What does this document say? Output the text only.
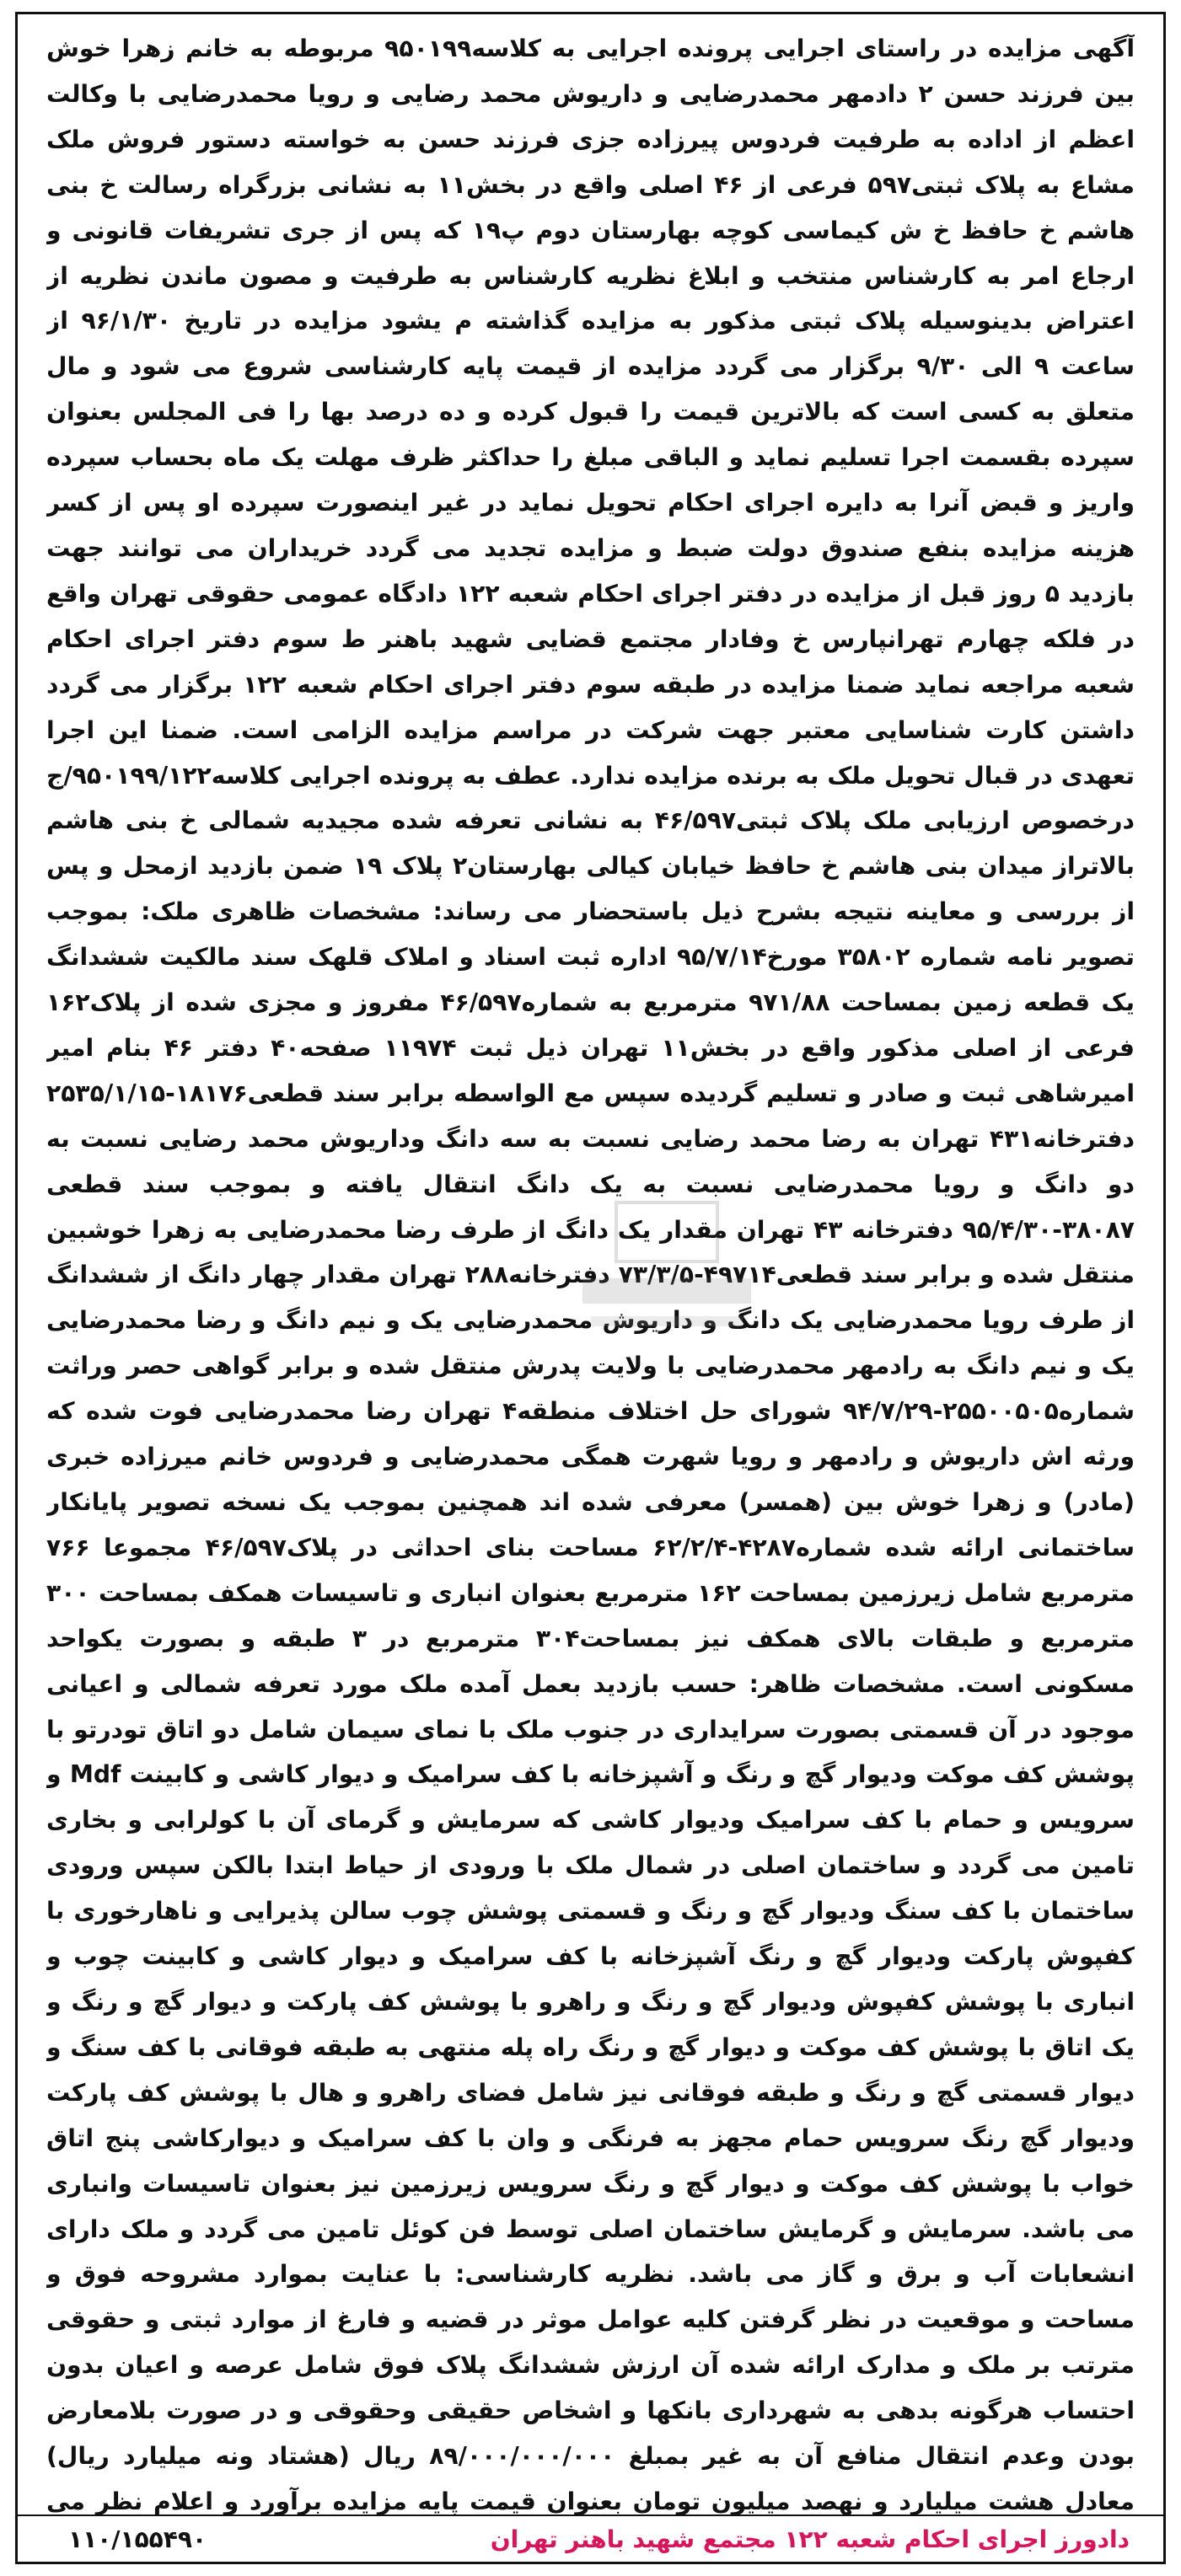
آگهی مزایده در راستای اجرایی پرونده اجرایی به کلاسه۹۵۰۱۹۹ مربوطه به خانم زهرا خوش بین فرزند حسن ۲ دادمهر محمدرضایی و داریوش محمد رضایی و رویا محمدرضایی با وکالت اعظم از اداده به طرفیت فردوس پیرزاده جزی فرزند حسن به خواسته دستور فروش ملک مشاع به پلاک ثبتی۵۹۷ فرعی از ۴۶ اصلی واقع در بخش۱۱ به نشانی بزرگراه رسالت خ بنی هاشم خ حافظ خ ش کیماسی کوچه بهارستان دوم پ۱۹ که پس از جری تشریفات قانونی و ارجاع امر به کارشناس منتخب و ابلاغ نظریه کارشناس به طرفیت و مصون ماندن نظریه از اعتراض بدینوسیله پلاک ثبتی مذکور به مزایده گذاشته م یشود مزایده در تاریخ ۹۶/۱/۳۰ از ساعت ۹ الی ۹/۳۰ برگزار می گردد مزایده از قیمت پایه کارشناسی شروع می شود و مال متعلق به کسی است که بالاترین قیمت را قبول کرده و ده درصد بها را فی المجلس بعنوان سپرده بقسمت اجرا تسلیم نماید و الباقی مبلغ را حداکثر ظرف مهلت یک ماه بحساب سپرده واریز و قبض آنرا به دایره اجرای احکام تحویل نماید در غیر اینصورت سپرده او پس از کسر هزینه مزایده بنفع صندوق دولت ضبط و مزایده تجدید می گردد خریداران می توانند جهت بازدید ۵ روز قبل از مزایده در دفتر اجرای احکام شعبه ۱۲۲ دادگاه عمومی حقوقی تهران واقع در فلکه چهارم تهرانپارس خ وفادار مجتمع قضایی شهید باهنر ط سوم دفتر اجرای احکام شعبه مراجعه نماید ضمنا مزایده در طبقه سوم دفتر اجرای احکام شعبه ۱۲۲ برگزار می گردد داشتن کارت شناسایی معتبر جهت شرکت در مراسم مزایده الزامی است. ضمنا این اجرا تعهدی در قبال تحویل ملک به برنده مزایده ندارد. عطف به پرونده اجرایی کلاسه۹۵۰۱۹۹/۱۲۲/ج درخصوص ارزیابی ملک پلاک ثبتی۴۶/۵۹۷ به نشانی تعرفه شده مجیدیه شمالی خ بنی هاشم بالاتراز میدان بنی هاشم خ حافظ خیابان کیالی بهارستان۲ پلاک ۱۹ ضمن بازدید ازمحل و پس از بررسی و معاینه نتیجه بشرح ذیل باستحضار می رساند: مشخصات ظاهری ملک: بموجب تصویر نامه شماره ۳۵۸۰۲ مورخ۹۵/۷/۱۴ اداره ثبت اسناد و املاک قلهک سند مالکیت ششدانگ یک قطعه زمین بمساحت ۹۷۱/۸۸ مترمربع به شماره۴۶/۵۹۷ مفروز و مجزی شده از پلاک۱۶۲ فرعی از اصلی مذکور واقع در بخش۱۱ تهران ذیل ثبت ۱۱۹۷۴ صفحه۴۰ دفتر ۴۶ بنام امیر امیرشاهی ثبت و صادر و تسلیم گردیده سپس مع الواسطه برابر سند قطعی۱۸۱۷۶-۲۵۳۵/۱/۱۵ دفترخانه۴۳۱ تهران به رضا محمد رضایی نسبت به سه دانگ وداریوش محمد رضایی نسبت به دو دانگ و رویا محمدرضایی نسبت به یک دانگ انتقال یافته و بموجب سند قطعی ۳۸۰۸۷-۹۵/۴/۳۰ دفترخانه ۴۳ تهران مقدار یک دانگ از طرف رضا محمدرضایی به زهرا خوشبین منتقل شده و برابر سند قطعی۴۹۷۱۴-۷۳/۳/۵ دفترخانه۲۸۸ تهران مقدار چهار دانگ از ششدانگ از طرف رویا محمدرضایی یک دانگ و داریوش محمدرضایی یک و نیم دانگ و رضا محمدرضایی یک و نیم دانگ به رادمهر محمدرضایی با ولایت پدرش منتقل شده و برابر گواهی حصر وراثت شماره۲۵۵۰۰۵۰۵-۹۴/۷/۲۹ شورای حل اختلاف منطقه۴ تهران رضا محمدرضایی فوت شده که ورثه اش داریوش و رادمهر و رویا شهرت همگی محمدرضایی و فردوس خانم میرزاده خبری (مادر) و زهرا خوش بین (همسر) معرفی شده اند همچنین بموجب یک نسخه تصویر پایانکار ساختمانی ارائه شده شماره۴۲۸۷-۶۲/۲/۴ مساحت بنای احداثی در پلاک۴۶/۵۹۷ مجموعا ۷۶۶ مترمربع شامل زیرزمین بمساحت ۱۶۲ مترمربع بعنوان انباری و تاسیسات همکف بمساحت ۳۰۰ مترمربع و طبقات بالای همکف نیز بمساحت۳۰۴ مترمربع در ۳ طبقه و بصورت یکواحد مسکونی است. مشخصات ظاهر: حسب بازدید بعمل آمده ملک مورد تعرفه شمالی و اعیانی موجود در آن قسمتی بصورت سرایداری در جنوب ملک با نمای سیمان شامل دو اتاق تودرتو با پوشش کف موکت ودیوار گچ و رنگ و آشپزخانه با کف سرامیک و دیوار کاشی و کابینت Mdf و سرویس و حمام با کف سرامیک ودیوار کاشی که سرمایش و گرمای آن با کولرابی و بخاری تامین می گردد و ساختمان اصلی در شمال ملک با ورودی از حیاط ابتدا بالکن سپس ورودی ساختمان با کف سنگ ودیوار گچ و رنگ و قسمتی پوشش چوب سالن پذیرایی و ناهارخوری با کفپوش پارکت ودیوار گچ و رنگ آشپزخانه با کف سرامیک و دیوار کاشی و کابینت چوب و انباری با پوشش کفپوش ودیوار گچ و رنگ و راهرو با پوشش کف پارکت و دیوار گچ و رنگ و یک اتاق با پوشش کف موکت و دیوار گچ و رنگ راه پله منتهی به طبقه فوقانی با کف سنگ و دیوار قسمتی گچ و رنگ و طبقه فوقانی نیز شامل فضای راهرو و هال با پوشش کف پارکت ودیوار گچ رنگ سرویس حمام مجهز به فرنگی و وان با کف سرامیک و دیوارکاشی پنج اتاق خواب با پوشش کف موکت و دیوار گچ و رنگ سرویس زیرزمین نیز بعنوان تاسیسات وانباری می باشد. سرمایش و گرمایش ساختمان اصلی توسط فن کوئل تامین می گردد و ملک دارای انشعابات آب و برق و گاز می باشد. نظریه کارشناسی: با عنایت بموارد مشروحه فوق و مساحت و موقعیت در نظر گرفتن کلیه عوامل موثر در قضیه و فارغ از موارد ثبتی و حقوقی مترتب بر ملک و مدارک ارائه شده آن ارزش ششدانگ پلاک فوق شامل عرصه و اعیان بدون احتساب هرگونه بدهی به شهرداری بانکها و اشخاص حقیقی وحقوقی و در صورت بلامعارض بودن وعدم انتقال منافع آن به غیر بمبلغ ۸۹/۰۰۰/۰۰۰/۰۰۰ ریال (هشتاد ونه میلیارد ریال) معادل هشت میلیارد و نهصد میلیون تومان بعنوان قیمت پایه مزایده برآورد و اعلام نظر می
دادورز اجرای احکام شعبه ۱۲۲ مجتمع شهید باهنر تهران
۱۱۰/۱۵۵۴۹۰
